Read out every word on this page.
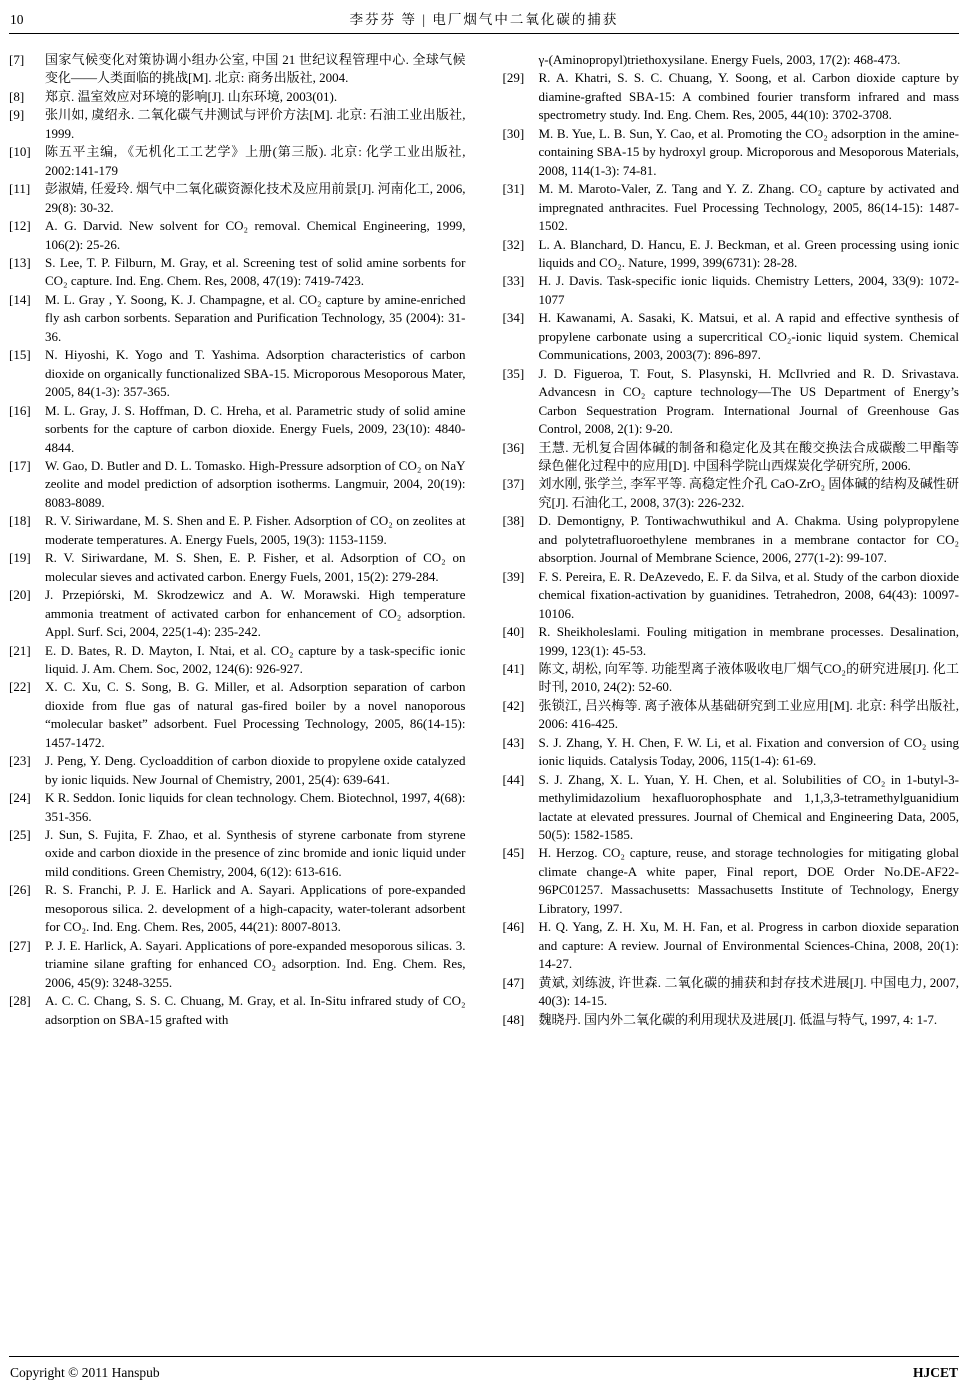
10	李芬芬 等 | 电厂烟气中二氧化碳的捕获
[7]	国家气候变化对策协调小组办公室, 中国 21 世纪议程管理中心. 全球气候变化——人类面临的挑战[M]. 北京: 商务出版社, 2004.
[8]	郑京. 温室效应对环境的影响[J]. 山东环境, 2003(01).
[9]	张川如, 虞绍永. 二氧化碳气井测试与评价方法[M]. 北京: 石油工业出版社, 1999.
[10]	陈五平主编, 《无机化工工艺学》上册(第三版). 北京: 化学工业出版社, 2002:141-179
[11]	彭淑婧, 任爱玲. 烟气中二氧化碳资源化技术及应用前景[J]. 河南化工, 2006, 29(8): 30-32.
[12]	A. G. Darvid. New solvent for CO₂ removal. Chemical Engineering, 1999, 106(2): 25-26.
[13]	S. Lee, T. P. Filburn, M. Gray, et al. Screening test of solid amine sorbents for CO₂ capture. Ind. Eng. Chem. Res, 2008, 47(19): 7419-7423.
[14]	M. L. Gray , Y. Soong, K. J. Champagne, et al. CO₂ capture by amine-enriched fly ash carbon sorbents. Separation and Purification Technology, 35 (2004): 31-36.
[15]	N. Hiyoshi, K. Yogo and T. Yashima. Adsorption characteristics of carbon dioxide on organically functionalized SBA-15. Microporous Mesoporous Mater, 2005, 84(1-3): 357-365.
[16]	M. L. Gray, J. S. Hoffman, D. C. Hreha, et al. Parametric study of solid amine sorbents for the capture of carbon dioxide. Energy Fuels, 2009, 23(10): 4840-4844.
[17]	W. Gao, D. Butler and D. L. Tomasko. High-Pressure adsorption of CO₂ on NaY zeolite and model prediction of adsorption isotherms. Langmuir, 2004, 20(19): 8083-8089.
[18]	R. V. Siriwardane, M. S. Shen and E. P. Fisher. Adsorption of CO₂ on zeolites at moderate temperatures. A. Energy Fuels, 2005, 19(3): 1153-1159.
[19]	R. V. Siriwardane, M. S. Shen, E. P. Fisher, et al. Adsorption of CO₂ on molecular sieves and activated carbon. Energy Fuels, 2001, 15(2): 279-284.
[20]	J. Przepiórski, M. Skrodzewicz and A. W. Morawski. High temperature ammonia treatment of activated carbon for enhancement of CO₂ adsorption. Appl. Surf. Sci, 2004, 225(1-4): 235-242.
[21]	E. D. Bates, R. D. Mayton, I. Ntai, et al. CO₂ capture by a task-specific ionic liquid. J. Am. Chem. Soc, 2002, 124(6): 926-927.
[22]	X. C. Xu, C. S. Song, B. G. Miller, et al. Adsorption separation of carbon dioxide from flue gas of natural gas-fired boiler by a novel nanoporous “molecular basket” adsorbent. Fuel Processing Technology, 2005, 86(14-15): 1457-1472.
[23]	J. Peng, Y. Deng. Cycloaddition of carbon dioxide to propylene oxide catalyzed by ionic liquids. New Journal of Chemistry, 2001, 25(4): 639-641.
[24]	K R. Seddon. Ionic liquids for clean technology. Chem. Biotechnol, 1997, 4(68): 351-356.
[25]	J. Sun, S. Fujita, F. Zhao, et al. Synthesis of styrene carbonate from styrene oxide and carbon dioxide in the presence of zinc bromide and ionic liquid under mild conditions. Green Chemistry, 2004, 6(12): 613-616.
[26]	R. S. Franchi, P. J. E. Harlick and A. Sayari. Applications of pore-expanded mesoporous silica. 2. development of a high-capacity, water-tolerant adsorbent for CO₂. Ind. Eng. Chem. Res, 2005, 44(21): 8007-8013.
[27]	P. J. E. Harlick, A. Sayari. Applications of pore-expanded mesoporous silicas. 3. triamine silane grafting for enhanced CO₂ adsorption. Ind. Eng. Chem. Res, 2006, 45(9): 3248-3255.
[28]	A. C. C. Chang, S. S. C. Chuang, M. Gray, et al. In-Situ infrared study of CO₂ adsorption on SBA-15 grafted with
γ-(Aminopropyl)triethoxysilane. Energy Fuels, 2003, 17(2): 468-473.
[29]	R. A. Khatri, S. S. C. Chuang, Y. Soong, et al. Carbon dioxide capture by diamine-grafted SBA-15: A combined fourier transform infrared and mass spectrometry study. Ind. Eng. Chem. Res, 2005, 44(10): 3702-3708.
[30]	M. B. Yue, L. B. Sun, Y. Cao, et al. Promoting the CO₂ adsorption in the amine-containing SBA-15 by hydroxyl group. Microporous and Mesoporous Materials, 2008, 114(1-3): 74-81.
[31]	M. M. Maroto-Valer, Z. Tang and Y. Z. Zhang. CO₂ capture by activated and impregnated anthracites. Fuel Processing Technology, 2005, 86(14-15): 1487-1502.
[32]	L. A. Blanchard, D. Hancu, E. J. Beckman, et al. Green processing using ionic liquids and CO₂. Nature, 1999, 399(6731): 28-28.
[33]	H. J. Davis. Task-specific ionic liquids. Chemistry Letters, 2004, 33(9): 1072-1077
[34]	H. Kawanami, A. Sasaki, K. Matsui, et al. A rapid and effective synthesis of propylene carbonate using a supercritical CO₂-ionic liquid system. Chemical Communications, 2003, 2003(7): 896-897.
[35]	J. D. Figueroa, T. Fout, S. Plasynski, H. McIlvried and R. D. Srivastava. Advancesn in CO₂ capture technology—The US Department of Energy’s Carbon Sequestration Program. International Journal of Greenhouse Gas Control, 2008, 2(1): 9-20.
[36]	王慧. 无机复合固体碱的制备和稳定化及其在酸交换法合成碳酸二甲酯等绿色催化过程中的应用[D]. 中国科学院山西煤炭化学研究所, 2006.
[37]	刘水刚, 张学兰, 李军平等. 高稳定性介孔 CaO-ZrO₂ 固体碱的结构及碱性研究[J]. 石油化工, 2008, 37(3): 226-232.
[38]	D. Demontigny, P. Tontiwachwuthikul and A. Chakma. Using polypropylene and polytetrafluoroethylene membranes in a membrane contactor for CO₂ absorption. Journal of Membrane Science, 2006, 277(1-2): 99-107.
[39]	F. S. Pereira, E. R. DeAzevedo, E. F. da Silva, et al. Study of the carbon dioxide chemical fixation-activation by guanidines. Tetrahedron, 2008, 64(43): 10097- 10106.
[40]	R. Sheikholeslami. Fouling mitigation in membrane processes. Desalination, 1999, 123(1): 45-53.
[41]	陈文, 胡松, 向军等. 功能型离子液体吸收电厂烟气CO₂的研究进展[J]. 化工时刊, 2010, 24(2): 52-60.
[42]	张锁江, 吕兴梅等. 离子液体从基础研究到工业应用[M]. 北京: 科学出版社, 2006: 416-425.
[43]	S. J. Zhang, Y. H. Chen, F. W. Li, et al. Fixation and conversion of CO₂ using ionic liquids. Catalysis Today, 2006, 115(1-4): 61-69.
[44]	S. J. Zhang, X. L. Yuan, Y. H. Chen, et al. Solubilities of CO₂ in 1-butyl-3-methylimidazolium hexafluorophosphate and 1,1,3,3-tetramethylguanidium lactate at elevated pressures. Journal of Chemical and Engineering Data, 2005, 50(5): 1582-1585.
[45]	H. Herzog. CO₂ capture, reuse, and storage technologies for mitigating global climate change-A white paper, Final report, DOE Order No.DE-AF22-96PC01257. Massachusetts: Massachusetts Institute of Technology, Energy Libratory, 1997.
[46]	H. Q. Yang, Z. H. Xu, M. H. Fan, et al. Progress in carbon dioxide separation and capture: A review. Journal of Environmental Sciences-China, 2008, 20(1): 14-27.
[47]	黄斌, 刘练波, 许世森. 二氧化碳的捕获和封存技术进展[J]. 中国电力, 2007, 40(3): 14-15.
[48]	魏晓丹. 国内外二氧化碳的利用现状及进展[J]. 低温与特气, 1997, 4: 1-7.
Copyright © 2011 Hanspub	HJCET
